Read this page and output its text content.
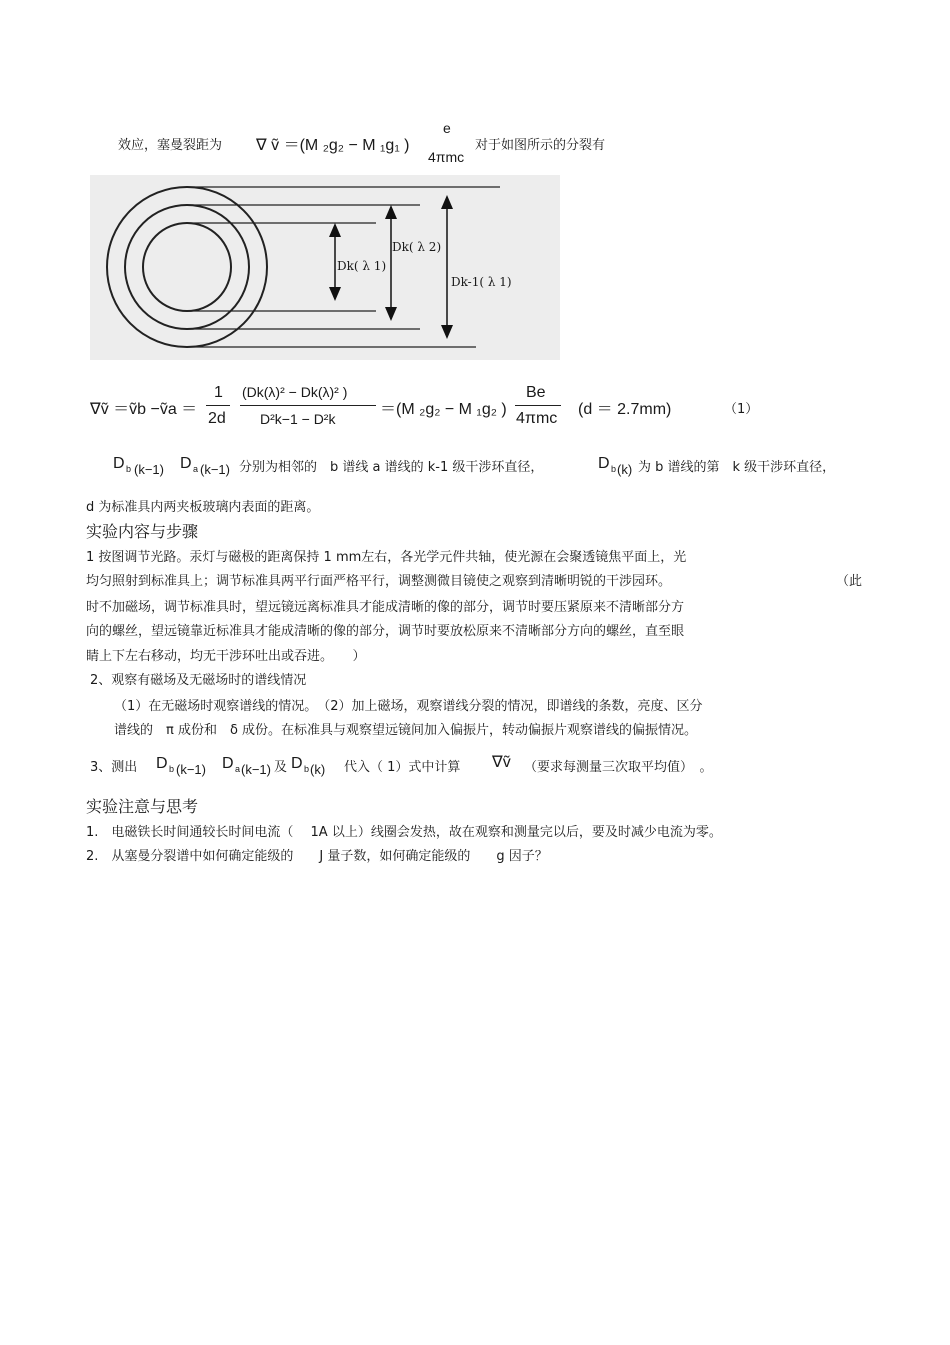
效应，塞曼裂距为 ∇ ṽ ＝(M ₂g₂ − M ₁g₁ )
e
4πmc
对于如图所示的分裂有
Dk( λ 1)
Dk( λ 2)
Dk-1( λ 1)
∇ṽ ＝ṽb −ṽa ＝
1
2d
(Dk(λ)² − Dk(λ)² )
D²k−1 − D²k
＝(M ₂g₂ − M ₁g₂ )
Be
4πmc
(d ＝ 2.7mm)	（1）
D b (k−1) D a (k−1) 分别为相邻的　b 谱线 a 谱线的 k-1 级干涉环直径，	D b (k) 为 b 谱线的第　k 级干涉环直径，
d 为标准具内两夹板玻璃内表面的距离。
实验内容与步骤
1 按图调节光路。汞灯与磁极的距离保持 1 mm左右，各光学元件共轴，使光源在会聚透镜焦平面上，光
均匀照射到标准具上；调节标准具两平行面严格平行，调整测微目镜使之观察到清晰明锐的干涉园环。	（此
时不加磁场，调节标准具时，望远镜远离标准具才能成清晰的像的部分，调节时要压紧原来不清晰部分方
向的螺丝，望远镜靠近标准具才能成清晰的像的部分，调节时要放松原来不清晰部分方向的螺丝，直至眼
睛上下左右移动，均无干涉环吐出或吞进。　　）
2、观察有磁场及无磁场时的谱线情况
（1）在无磁场时观察谱线的情况。　（2）加上磁场，观察谱线分裂的情况，即谱线的条数，亮度、区分
谱线的　π 成份和　δ 成份。在标准具与观察望远镜间加入偏振片，转动偏振片观察谱线的偏振情况。
3、测出 D b (k−1) D a (k−1) 及 D b (k) 代入（ 1）式中计算 ∇ṽ （要求每测量三次取平均值）　。
实验注意与思考
1.　电磁铁长时间通较长时间电流（　 1A 以上）线圈会发热，故在观察和测量完以后，要及时减少电流为零。
2.　从塞曼分裂谱中如何确定能级的　　J 量子数，如何确定能级的　　g 因子？
